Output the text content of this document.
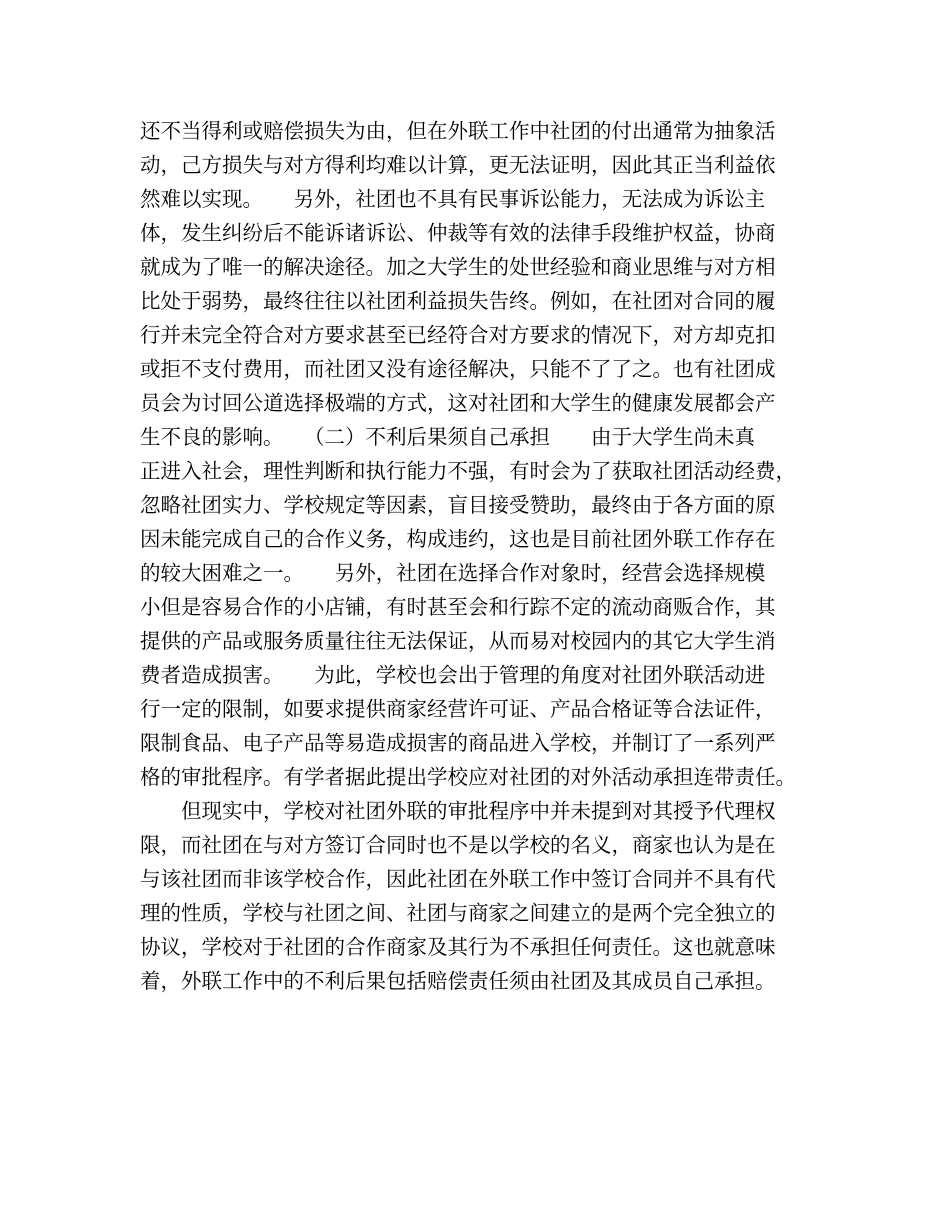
还不当得利或赔偿损失为由，但在外联工作中社团的付出通常为抽象活
动，己方损失与对方得利均难以计算，更无法证明，因此其正当利益依
然难以实现。　　另外，社团也不具有民事诉讼能力，无法成为诉讼主
体，发生纠纷后不能诉诸诉讼、仲裁等有效的法律手段维护权益，协商
就成为了唯一的解决途径。加之大学生的处世经验和商业思维与对方相
比处于弱势，最终往往以社团利益损失告终。例如，在社团对合同的履
行并未完全符合对方要求甚至已经符合对方要求的情况下，对方却克扣
或拒不支付费用，而社团又没有途径解决，只能不了了之。也有社团成
员会为讨回公道选择极端的方式，这对社团和大学生的健康发展都会产
生不良的影响。　　（二）不利后果须自己承担　　由于大学生尚未真
正进入社会，理性判断和执行能力不强，有时会为了获取社团活动经费，
忽略社团实力、学校规定等因素，盲目接受赞助，最终由于各方面的原
因未能完成自己的合作义务，构成违约，这也是目前社团外联工作存在
的较大困难之一。　　另外，社团在选择合作对象时，经营会选择规模
小但是容易合作的小店铺，有时甚至会和行踪不定的流动商贩合作，其
提供的产品或服务质量往往无法保证，从而易对校园内的其它大学生消
费者造成损害。　　为此，学校也会出于管理的角度对社团外联活动进
行一定的限制，如要求提供商家经营许可证、产品合格证等合法证件，
限制食品、电子产品等易造成损害的商品进入学校，并制订了一系列严
格的审批程序。有学者据此提出学校应对社团的对外活动承担连带责任。
　　但现实中，学校对社团外联的审批程序中并未提到对其授予代理权
限，而社团在与对方签订合同时也不是以学校的名义，商家也认为是在
与该社团而非该学校合作，因此社团在外联工作中签订合同并不具有代
理的性质，学校与社团之间、社团与商家之间建立的是两个完全独立的
协议，学校对于社团的合作商家及其行为不承担任何责任。这也就意味
着，外联工作中的不利后果包括赔偿责任须由社团及其成员自己承担。
